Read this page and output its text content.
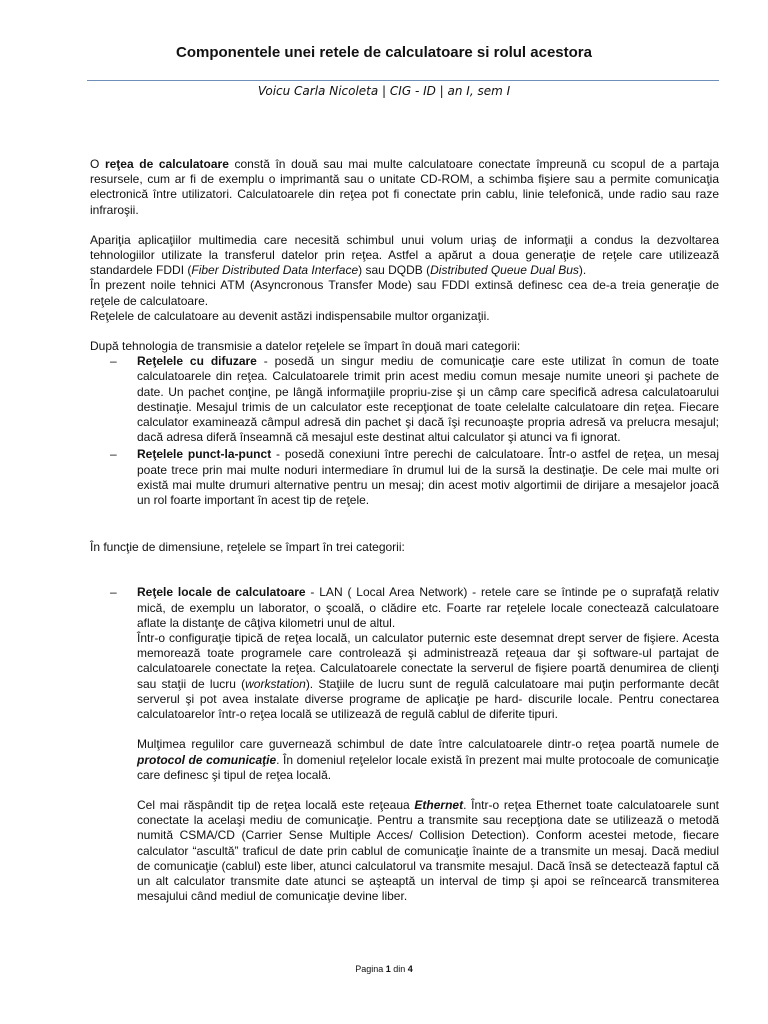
Componentele unei retele de calculatoare si rolul acestora
Voicu Carla Nicoleta | CIG - ID | an I, sem I

O reţea de calculatoare constă în două sau mai multe calculatoare conectate împreună cu scopul de a partaja resursele, cum ar fi de exemplu o imprimantă sau o unitate CD-ROM, a schimba fişiere sau a permite comunicaţia electronică între utilizatori. Calculatoarele din reţea pot fi conectate prin cablu, linie telefonică, unde radio sau raze infraroşii.

Apariţia aplicaţiilor multimedia care necesită schimbul unui volum uriaş de informaţii a condus la dezvoltarea tehnologiilor utilizate la transferul datelor prin reţea. Astfel a apărut a doua generaţie de reţele care utilizează standardele FDDI (Fiber Distributed Data Interface) sau DQDB (Distributed Queue Dual Bus).

În prezent noile tehnici ATM (Asyncronous Transfer Mode) sau FDDI extinsă definesc cea de-a treia generaţie de reţele de calculatoare.

Reţelele de calculatoare au devenit astăzi indispensabile multor organizaţii.

După tehnologia de transmisie a datelor reţelele se împart în două mari categorii:

– Reţelele cu difuzare - posedă un singur mediu de comunicaţie care este utilizat în comun de toate calculatoarele din reţea. Calculatoarele trimit prin acest mediu comun mesaje numite uneori şi pachete de date. Un pachet conţine, pe lângă informaţiile propriu-zise şi un câmp care specifică adresa calculatoarului destinaţie. Mesajul trimis de un calculator este recepţionat de toate celelalte calculatoare din reţea. Fiecare calculator examinează câmpul adresă din pachet şi dacă îşi recunoaşte propria adresă va prelucra mesajul; dacă adresa diferă înseamnă că mesajul este destinat altui calculator şi atunci va fi ignorat.
– Reţelele punct-la-punct - posedă conexiuni între perechi de calculatoare. Într-o astfel de reţea, un mesaj poate trece prin mai multe noduri intermediare în drumul lui de la sursă la destinaţie. De cele mai multe ori există mai multe drumuri alternative pentru un mesaj; din acest motiv algortimii de dirijare a mesajelor joacă un rol foarte important în acest tip de reţele.

În funcţie de dimensiune, reţelele se împart în trei categorii:

– Reţele locale de calculatoare - LAN ( Local Area Network) - retele care se întinde pe o suprafaţă relativ mică, de exemplu un laborator, o şcoală, o clădire etc. Foarte rar reţelele locale conectează calculatoare aflate la distanţe de câţiva kilometri unul de altul.
Într-o configuraţie tipică de reţea locală, un calculator puternic este desemnat drept server de fişiere. Acesta memorează toate programele care controlează şi administrează reţeaua dar şi software-ul partajat de calculatoarele conectate la reţea. Calculatoarele conectate la serverul de fişiere poartă denumirea de clienţi sau staţii de lucru (workstation). Staţiile de lucru sunt de regulă calculatoare mai puţin performante decât serverul şi pot avea instalate diverse programe de aplicaţie pe hard- discurile locale. Pentru conectarea calculatoarelor într-o reţea locală se utilizează de regulă cablul de diferite tipuri.
Mulţimea regulilor care guvernează schimbul de date între calculatoarele dintr-o reţea poartă numele de protocol de comunicaţie. În domeniul reţelelor locale există în prezent mai multe protocoale de comunicaţie care definesc şi tipul de reţea locală.
Cel mai răspândit tip de reţea locală este reţeaua Ethernet. Într-o reţea Ethernet toate calculatoarele sunt conectate la acelaşi mediu de comunicaţie. Pentru a transmite sau recepţiona date se utilizează o metodă numită CSMA/CD (Carrier Sense Multiple Acces/ Collision Detection). Conform acestei metode, fiecare calculator “ascultă” traficul de date prin cablul de comunicaţie înainte de a transmite un mesaj. Dacă mediul de comunicaţie (cablul) este liber, atunci calculatorul va transmite mesajul. Dacă însă se detectează faptul că un alt calculator transmite date atunci se aşteaptă un interval de timp şi apoi se reîncearcă transmiterea mesajului când mediul de comunicaţie devine liber.
Pagina 1 din 4
